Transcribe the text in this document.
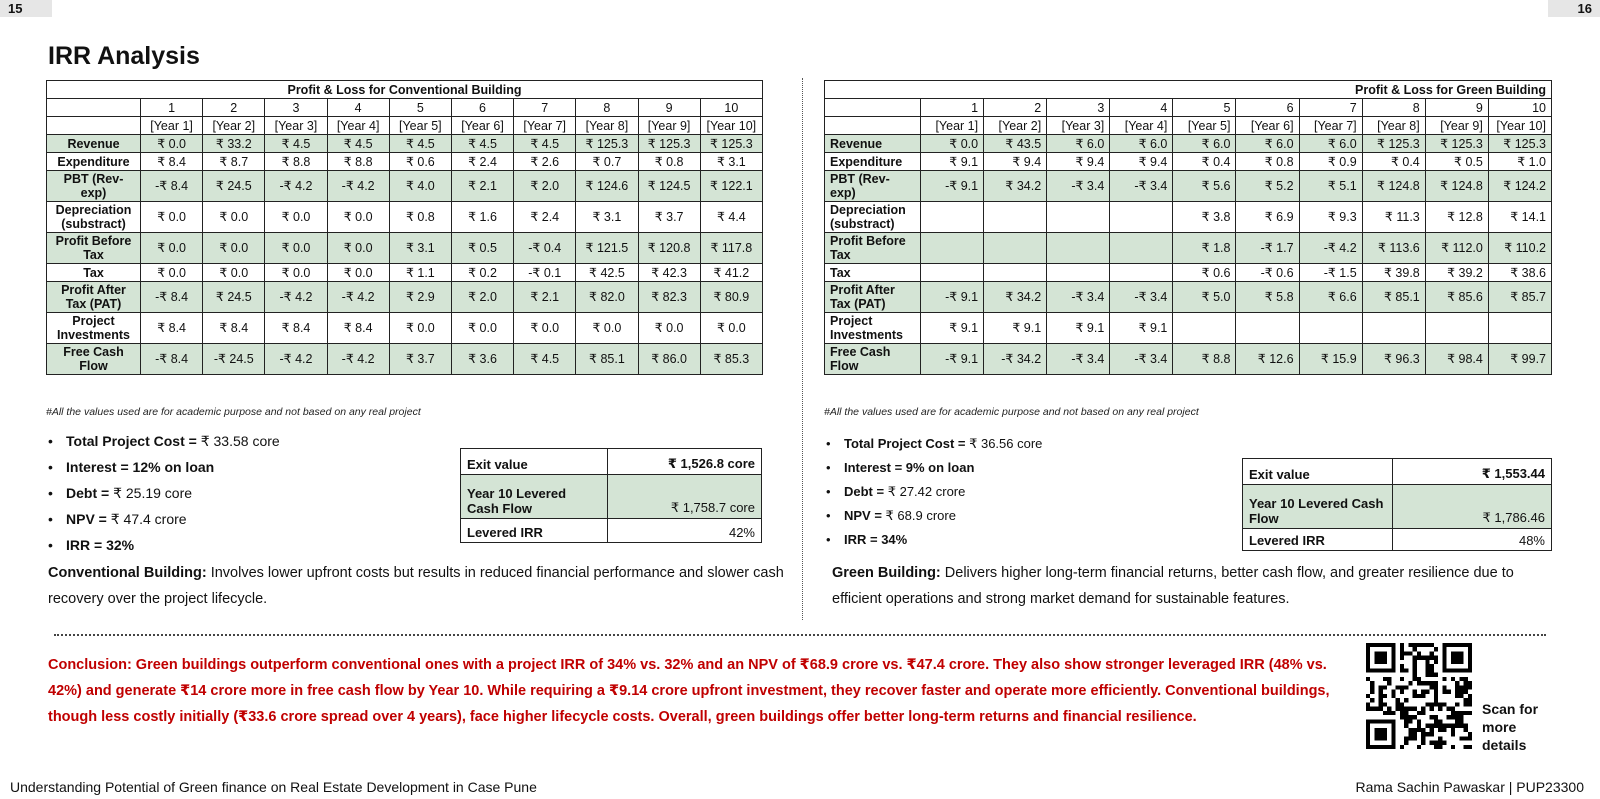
15	16
IRR Analysis
Profit & Loss for Conventional Building										
	1	2	3	4	5	6	7	8	9	10
	[Year 1]	[Year 2]	[Year 3]	[Year 4]	[Year 5]	[Year 6]	[Year 7]	[Year 8]	[Year 9]	[Year 10]
Revenue	₹ 0.0	₹ 33.2	₹ 4.5	₹ 4.5	₹ 4.5	₹ 4.5	₹ 4.5	₹ 125.3	₹ 125.3	₹ 125.3
Expenditure	₹ 8.4	₹ 8.7	₹ 8.8	₹ 8.8	₹ 0.6	₹ 2.4	₹ 2.6	₹ 0.7	₹ 0.8	₹ 3.1
PBT (Rev-exp)	-₹ 8.4	₹ 24.5	-₹ 4.2	-₹ 4.2	₹ 4.0	₹ 2.1	₹ 2.0	₹ 124.6	₹ 124.5	₹ 122.1
Depreciation (substract)	₹ 0.0	₹ 0.0	₹ 0.0	₹ 0.0	₹ 0.8	₹ 1.6	₹ 2.4	₹ 3.1	₹ 3.7	₹ 4.4
Profit Before Tax	₹ 0.0	₹ 0.0	₹ 0.0	₹ 0.0	₹ 3.1	₹ 0.5	-₹ 0.4	₹ 121.5	₹ 120.8	₹ 117.8
Tax	₹ 0.0	₹ 0.0	₹ 0.0	₹ 0.0	₹ 1.1	₹ 0.2	-₹ 0.1	₹ 42.5	₹ 42.3	₹ 41.2
Profit After Tax (PAT)	-₹ 8.4	₹ 24.5	-₹ 4.2	-₹ 4.2	₹ 2.9	₹ 2.0	₹ 2.1	₹ 82.0	₹ 82.3	₹ 80.9
Project Investments	₹ 8.4	₹ 8.4	₹ 8.4	₹ 8.4	₹ 0.0	₹ 0.0	₹ 0.0	₹ 0.0	₹ 0.0	₹ 0.0
Free Cash Flow	-₹ 8.4	-₹ 24.5	-₹ 4.2	-₹ 4.2	₹ 3.7	₹ 3.6	₹ 4.5	₹ 85.1	₹ 86.0	₹ 85.3
#All the values used are for academic purpose and not based on any real project
• Total Project Cost = ₹ 33.58 core
• Interest = 12% on loan
• Debt = ₹ 25.19 core
• NPV = ₹ 47.4 crore
• IRR = 32%
Exit value	₹ 1,526.8 core
Year 10 Levered Cash Flow	₹ 1,758.7 core
Levered IRR	42%
Conventional Building: Involves lower upfront costs but results in reduced financial performance and slower cash recovery over the project lifecycle.
Profit & Loss for Green Building										
	1	2	3	4	5	6	7	8	9	10
	[Year 1]	[Year 2]	[Year 3]	[Year 4]	[Year 5]	[Year 6]	[Year 7]	[Year 8]	[Year 9]	[Year 10]
Revenue	₹ 0.0	₹ 43.5	₹ 6.0	₹ 6.0	₹ 6.0	₹ 6.0	₹ 6.0	₹ 125.3	₹ 125.3	₹ 125.3
Expenditure	₹ 9.1	₹ 9.4	₹ 9.4	₹ 9.4	₹ 0.4	₹ 0.8	₹ 0.9	₹ 0.4	₹ 0.5	₹ 1.0
PBT (Rev-exp)	-₹ 9.1	₹ 34.2	-₹ 3.4	-₹ 3.4	₹ 5.6	₹ 5.2	₹ 5.1	₹ 124.8	₹ 124.8	₹ 124.2
Depreciation (substract)					₹ 3.8	₹ 6.9	₹ 9.3	₹ 11.3	₹ 12.8	₹ 14.1
Profit Before Tax					₹ 1.8	-₹ 1.7	-₹ 4.2	₹ 113.6	₹ 112.0	₹ 110.2
Tax					₹ 0.6	-₹ 0.6	-₹ 1.5	₹ 39.8	₹ 39.2	₹ 38.6
Profit After Tax (PAT)	-₹ 9.1	₹ 34.2	-₹ 3.4	-₹ 3.4	₹ 5.0	₹ 5.8	₹ 6.6	₹ 85.1	₹ 85.6	₹ 85.7
Project Investments	₹ 9.1	₹ 9.1	₹ 9.1	₹ 9.1						
Free Cash Flow	-₹ 9.1	-₹ 34.2	-₹ 3.4	-₹ 3.4	₹ 8.8	₹ 12.6	₹ 15.9	₹ 96.3	₹ 98.4	₹ 99.7
#All the values used are for academic purpose and not based on any real project
• Total Project Cost = ₹ 36.56 core
• Interest = 9% on loan
• Debt = ₹ 27.42 crore
• NPV = ₹ 68.9 crore
• IRR = 34%
Exit value	₹ 1,553.44
Year 10 Levered Cash Flow	₹ 1,786.46
Levered IRR	48%
Green Building: Delivers higher long-term financial returns, better cash flow, and greater resilience due to efficient operations and strong market demand for sustainable features.
Conclusion: Green buildings outperform conventional ones with a project IRR of 34% vs. 32% and an NPV of ₹68.9 crore vs. ₹47.4 crore. They also show stronger leveraged IRR (48% vs. 42%) and generate ₹14 crore more in free cash flow by Year 10. While requiring a ₹9.14 crore upfront investment, they recover faster and operate more efficiently. Conventional buildings, though less costly initially (₹33.6 crore spread over 4 years), face higher lifecycle costs. Overall, green buildings offer better long-term returns and financial resilience.	Scan for more details
Understanding Potential of Green finance on Real Estate Development in Case Pune	Rama Sachin Pawaskar | PUP23300
